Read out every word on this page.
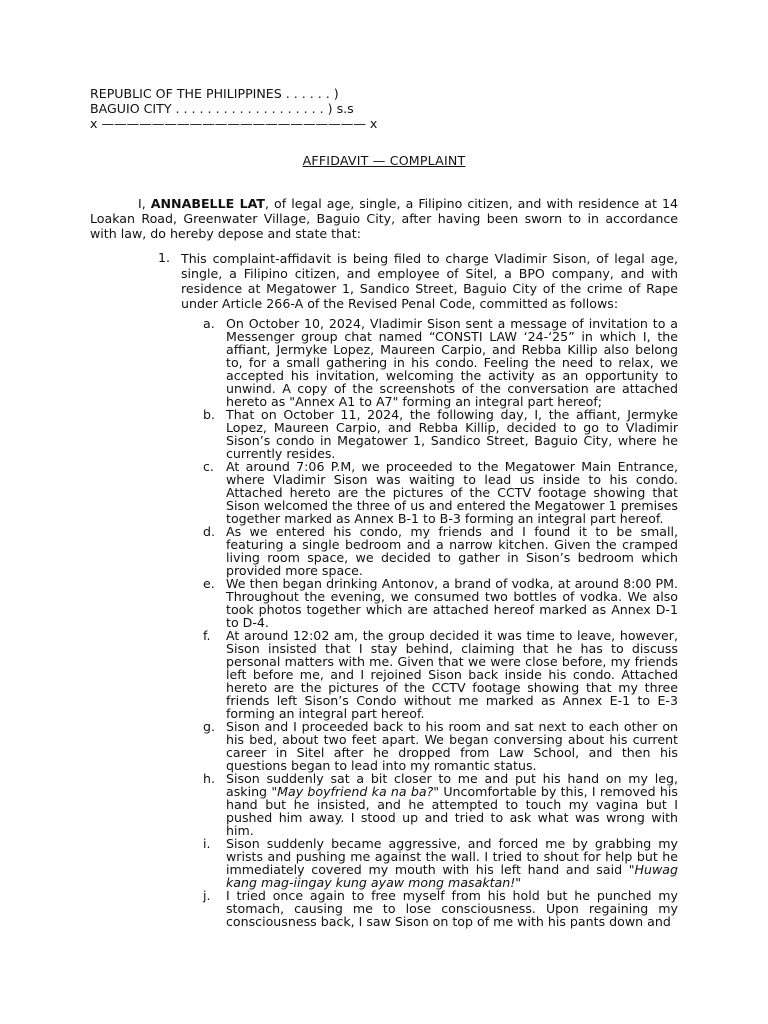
REPUBLIC OF THE PHILIPPINES . . . . . . )
BAGUIO CITY . . . . . . . . . . . . . . . . . . . ) s.s
x ————————————————————— x
AFFIDAVIT — COMPLAINT
I, ANNABELLE LAT, of legal age, single, a Filipino citizen, and with residence at 14 Loakan Road, Greenwater Village, Baguio City, after having been sworn to in accordance with law, do hereby depose and state that:
1. This complaint-affidavit is being filed to charge Vladimir Sison, of legal age, single, a Filipino citizen, and employee of Sitel, a BPO company, and with residence at Megatower 1, Sandico Street, Baguio City of the crime of Rape under Article 266-A of the Revised Penal Code, committed as follows:
a. On October 10, 2024, Vladimir Sison sent a message of invitation to a Messenger group chat named “CONSTI LAW ‘24-‘25” in which I, the affiant, Jermyke Lopez, Maureen Carpio, and Rebba Killip also belong to, for a small gathering in his condo. Feeling the need to relax, we accepted his invitation, welcoming the activity as an opportunity to unwind. A copy of the screenshots of the conversation are attached hereto as "Annex A1 to A7" forming an integral part hereof;
b. That on October 11, 2024, the following day, I, the affiant, Jermyke Lopez, Maureen Carpio, and Rebba Killip, decided to go to Vladimir Sison’s condo in Megatower 1, Sandico Street, Baguio City, where he currently resides.
c. At around 7:06 P.M, we proceeded to the Megatower Main Entrance, where Vladimir Sison was waiting to lead us inside to his condo. Attached hereto are the pictures of the CCTV footage showing that Sison welcomed the three of us and entered the Megatower 1 premises together marked as Annex B-1 to B-3 forming an integral part hereof.
d. As we entered his condo, my friends and I found it to be small, featuring a single bedroom and a narrow kitchen. Given the cramped living room space, we decided to gather in Sison’s bedroom which provided more space.
e. We then began drinking Antonov, a brand of vodka, at around 8:00 PM. Throughout the evening, we consumed two bottles of vodka. We also took photos together which are attached hereof marked as Annex D-1 to D-4.
f. At around 12:02 am, the group decided it was time to leave, however, Sison insisted that I stay behind, claiming that he has to discuss personal matters with me. Given that we were close before, my friends left before me, and I rejoined Sison back inside his condo. Attached hereto are the pictures of the CCTV footage showing that my three friends left Sison’s Condo without me marked as Annex E-1 to E-3 forming an integral part hereof.
g. Sison and I proceeded back to his room and sat next to each other on his bed, about two feet apart. We began conversing about his current career in Sitel after he dropped from Law School, and then his questions began to lead into my romantic status.
h. Sison suddenly sat a bit closer to me and put his hand on my leg, asking "May boyfriend ka na ba?" Uncomfortable by this, I removed his hand but he insisted, and he attempted to touch my vagina but I pushed him away. I stood up and tried to ask what was wrong with him.
i. Sison suddenly became aggressive, and forced me by grabbing my wrists and pushing me against the wall. I tried to shout for help but he immediately covered my mouth with his left hand and said "Huwag kang mag-iingay kung ayaw mong masaktan!"
j. I tried once again to free myself from his hold but he punched my stomach, causing me to lose consciousness. Upon regaining my consciousness back, I saw Sison on top of me with his pants down and
